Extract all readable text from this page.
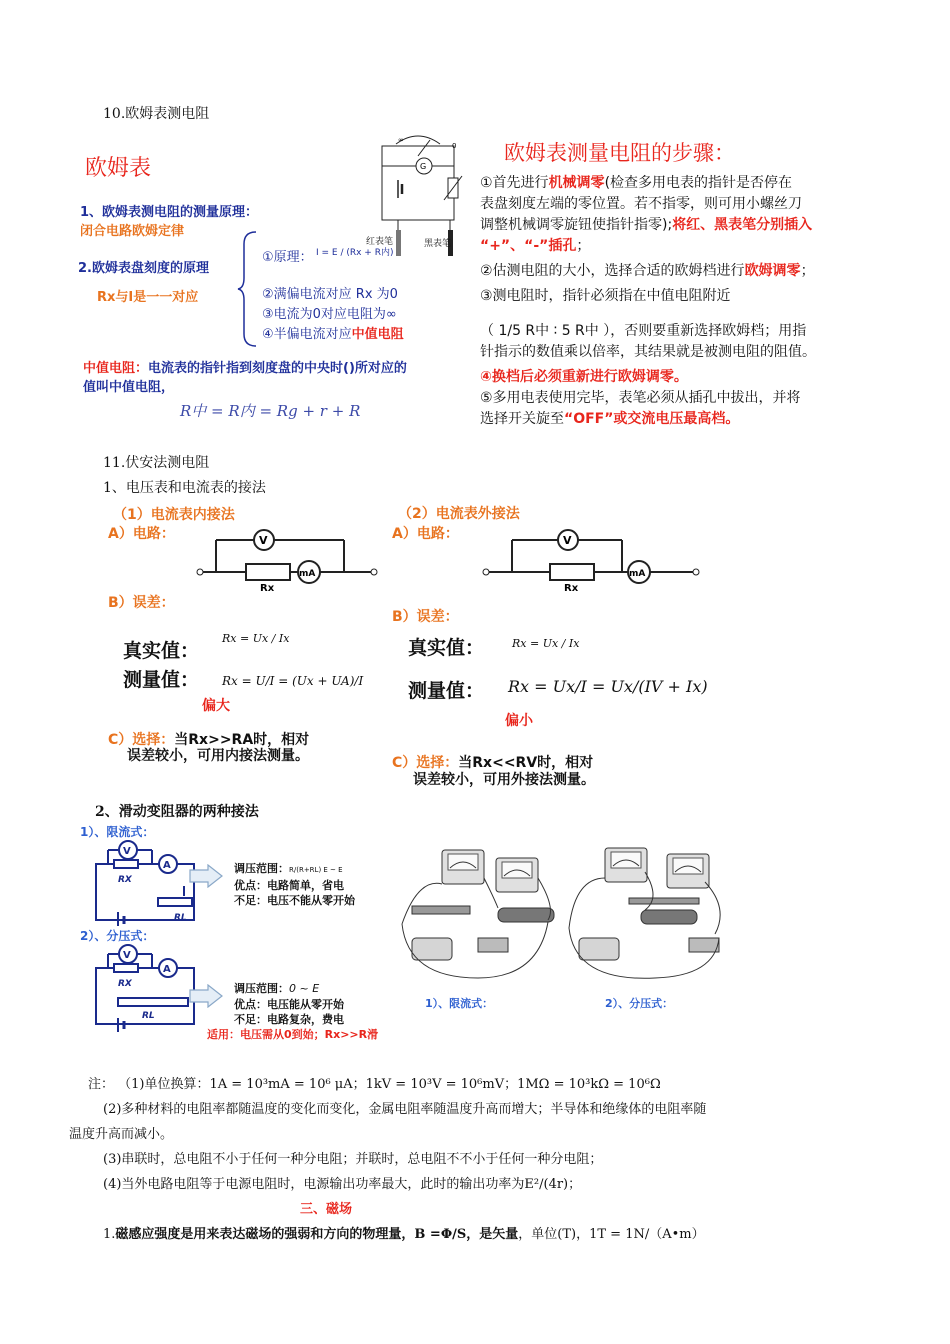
10.欧姆表测电阻
欧姆表
1、欧姆表测电阻的测量原理：
闭合电路欧姆定律
2.欧姆表盘刻度的原理
Rx与I是一一对应
①原理： I = E / (Rx + R内)
②满偏电流对应 Rx 为0
③电流为0对应电阻为∞
④半偏电流对应中值电阻
中值电阻：电流表的指针指到刻度盘的中央时()所对应的
值叫中值电阻，
R中 = R内 = Rg + r + R
∞
0
G
红表笔	黑表笔
欧姆表测量电阻的步骤：
①首先进行机械调零(检查多用电表的指针是否停在
表盘刻度左端的零位置。若不指零，则可用小螺丝刀
调整机械调零旋钮使指针指零);将红、黑表笔分别插入
“+”、“-”插孔；
②估测电阻的大小，选择合适的欧姆档进行欧姆调零；
③测电阻时，指针必须指在中值电阻附近
（ 1/5 R中 ∶ 5 R中 ），否则要重新选择欧姆档；用指
针指示的数值乘以倍率，其结果就是被测电阻的阻值。
④换档后必须重新进行欧姆调零。
⑤多用电表使用完毕，表笔必须从插孔中拔出，并将
选择开关旋至“OFF”或交流电压最高档。
11.伏安法测电阻
1、电压表和电流表的接法
（1）电流表内接法
A）电路：	V
mA
Rx
B）误差：
真实值：
Rx = Ux / Ix
测量值： Rx = U/I = (Ux + UA)/I
偏大
C）选择：当Rx>>RA时，相对
误差较小，可用内接法测量。
（2）电流表外接法
A）电路：	V
mA
Rx
B）误差：
真实值：	Rx = Ux / Ix
测量值： Rx = Ux/I = Ux/(IV + Ix)
偏小
C）选择：当Rx<<RV时，相对
误差较小，可用外接法测量。
2、滑动变阻器的两种接法
1）、限流式：
V
A
RX
RL
调压范围：R/(R+RL) E ~ E
优点：电路简单，省电
不足：电压不能从零开始
2）、分压式：
V
A
RX
RL
调压范围：0 ~ E
优点：电压能从零开始
不足：电路复杂，费电
适用：电压需从0到始；Rx>>R滑
1）、限流式：	2）、分压式：
注： （1)单位换算：1A = 10³mA = 10⁶ μA；1kV = 10³V = 10⁶mV；1MΩ = 10³kΩ = 10⁶Ω
(2)多种材料的电阻率都随温度的变化而变化，金属电阻率随温度升高而增大；半导体和绝缘体的电阻率随
温度升高而减小。
(3)串联时，总电阻不小于任何一种分电阻；并联时，总电阻不不小于任何一种分电阻；
(4)当外电路电阻等于电源电阻时，电源输出功率最大，此时的输出功率为E²/(4r)；
三、磁场
1.磁感应强度是用来表达磁场的强弱和方向的物理量，B =Φ/S，是矢量，单位(T)，1T = 1N/（A•m）
